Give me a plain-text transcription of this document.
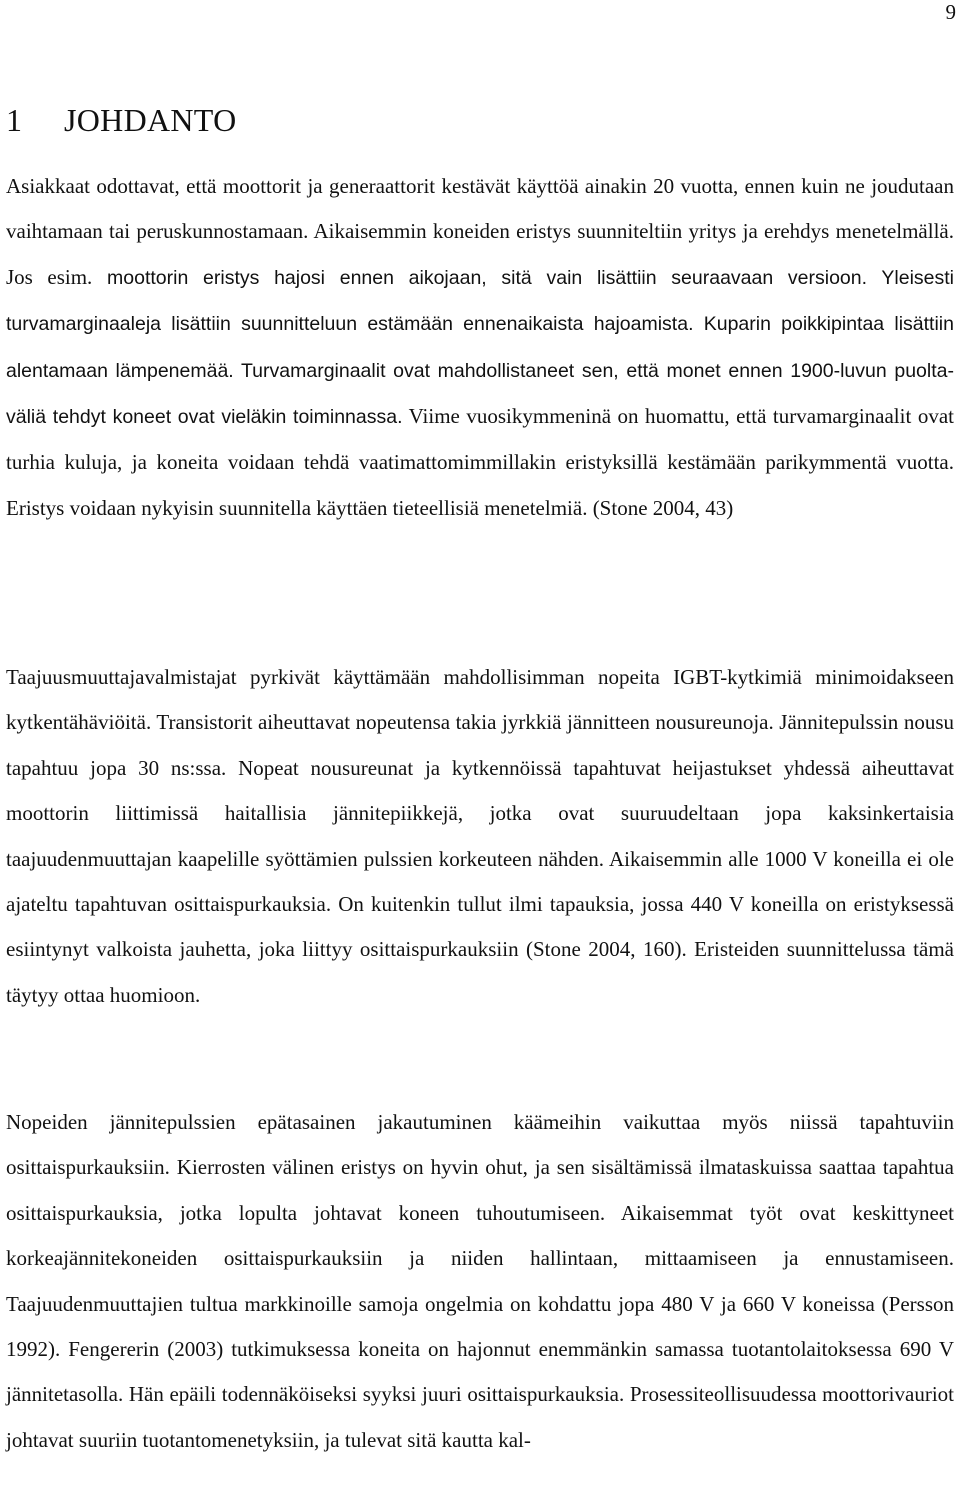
9
1 JOHDANTO

Asiakkaat odottavat, että moottorit ja generaattorit kestävät käyttöä ainakin 20 vuotta, ennen kuin ne joudutaan vaihtamaan tai peruskunnostamaan. Aikaisemmin koneiden eristys suunniteltiin yritys ja erehdys menetelmällä. Jos esim. moottorin eristys hajosi ennen aikojaan, sitä vain lisättiin seuraavaan versioon. Yleisesti turvamarginaaleja lisättiin suunnitteluun estämään ennenaikaista hajoamista. Kuparin poikkipintaa lisättiin alentamaan lämpenemää. Turvamarginaalit ovat mahdollistaneet sen, että monet ennen 1900-luvun puoltaväliä tehdyt koneet ovat vieläkin toiminnassa. Viime vuosikymmeninä on huomattu, että turvamarginaalit ovat turhia kuluja, ja koneita voidaan tehdä vaatimattomimmillakin eristyksillä kestämään parikymmentä vuotta. Eristys voidaan nykyisin suunnitella käyttäen tieteellisiä menetelmiä. (Stone 2004, 43)

Taajuusmuuttajavalmistajat pyrkivät käyttämään mahdollisimman nopeita IGBT-kytkimiä minimoidakseen kytkentähäviöitä. Transistorit aiheuttavat nopeutensa takia jyrkkiä jännitteen nousureunoja. Jännitepulssin nousu tapahtuu jopa 30 ns:ssa. Nopeat nousureunat ja kytkennöissä tapahtuvat heijastukset yhdessä aiheuttavat moottorin liittimissä haitallisia jännitepiikkejä, jotka ovat suuruudeltaan jopa kaksinkertaisia taajuudenmuuttajan kaapelille syöttämien pulssien korkeuteen nähden. Aikaisemmin alle 1000 V koneilla ei ole ajateltu tapahtuvan osittaispurkauksia. On kuitenkin tullut ilmi tapauksia, jossa 440 V koneilla on eristyksessä esiintynyt valkoista jauhetta, joka liittyy osittaispurkauksiin (Stone 2004, 160). Eristeiden suunnittelussa tämä täytyy ottaa huomioon.

Nopeiden jännitepulssien epätasainen jakautuminen käämeihin vaikuttaa myös niissä tapahtuviin osittaispurkauksiin. Kierrosten välinen eristys on hyvin ohut, ja sen sisältämissä ilmataskuissa saattaa tapahtua osittaispurkauksia, jotka lopulta johtavat koneen tuhoutumiseen. Aikaisemmat työt ovat keskittyneet korkeajännitekoneiden osittaispurkauksiin ja niiden hallintaan, mittaamiseen ja ennustamiseen. Taajuudenmuuttajien tultua markkinoille samoja ongelmia on kohdattu jopa 480 V ja 660 V koneissa (Persson 1992). Fengererin (2003) tutkimuksessa koneita on hajonnut enemmänkin samassa tuotantolaitoksessa 690 V jännitetasolla. Hän epäili todennäköiseksi syyksi juuri osittaispurkauksia. Prosessiteollisuudessa moottorivauriot johtavat suuriin tuotantomenetyksiin, ja tulevat sitä kautta kal-
